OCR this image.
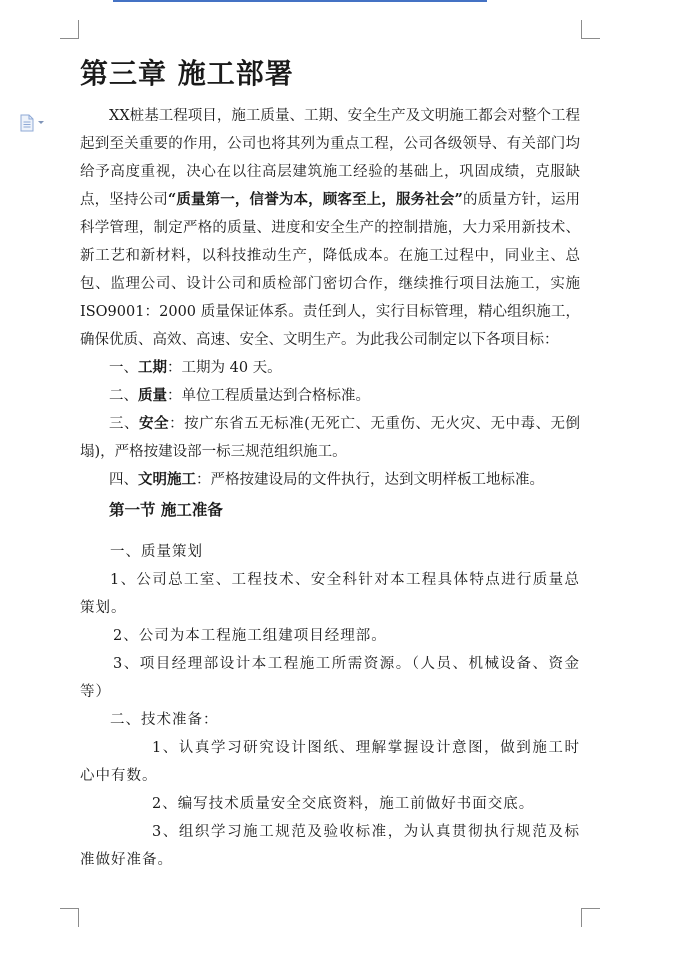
第三章 施工部署

XX桩基工程项目，施工质量、工期、安全生产及文明施工都会对整个工程起到至关重要的作用，公司也将其列为重点工程，公司各级领导、有关部门均给予高度重视，决心在以往高层建筑施工经验的基础上，巩固成绩，克服缺点，坚持公司“质量第一，信誉为本，顾客至上，服务社会”的质量方针，运用科学管理，制定严格的质量、进度和安全生产的控制措施，大力采用新技术、新工艺和新材料，以科技推动生产，降低成本。在施工过程中，同业主、总包、监理公司、设计公司和质检部门密切合作，继续推行项目法施工，实施 ISO9001：2000 质量保证体系。责任到人，实行目标管理，精心组织施工，确保优质、高效、高速、安全、文明生产。为此我公司制定以下各项目标：

一、工期：工期为 40 天。

二、质量：单位工程质量达到合格标准。

三、安全：按广东省五无标准(无死亡、无重伤、无火灾、无中毒、无倒塌)，严格按建设部一标三规范组织施工。

四、文明施工：严格按建设局的文件执行，达到文明样板工地标准。

第一节 施工准备

一、质量策划

1、公司总工室、工程技术、安全科针对本工程具体特点进行质量总策划。

2、公司为本工程施工组建项目经理部。

3、项目经理部设计本工程施工所需资源。（人员、机械设备、资金等）

二、技术准备：

1、认真学习研究设计图纸、理解掌握设计意图，做到施工时心中有数。

2、编写技术质量安全交底资料，施工前做好书面交底。

3、组织学习施工规范及验收标准，为认真贯彻执行规范及标准做好准备。
